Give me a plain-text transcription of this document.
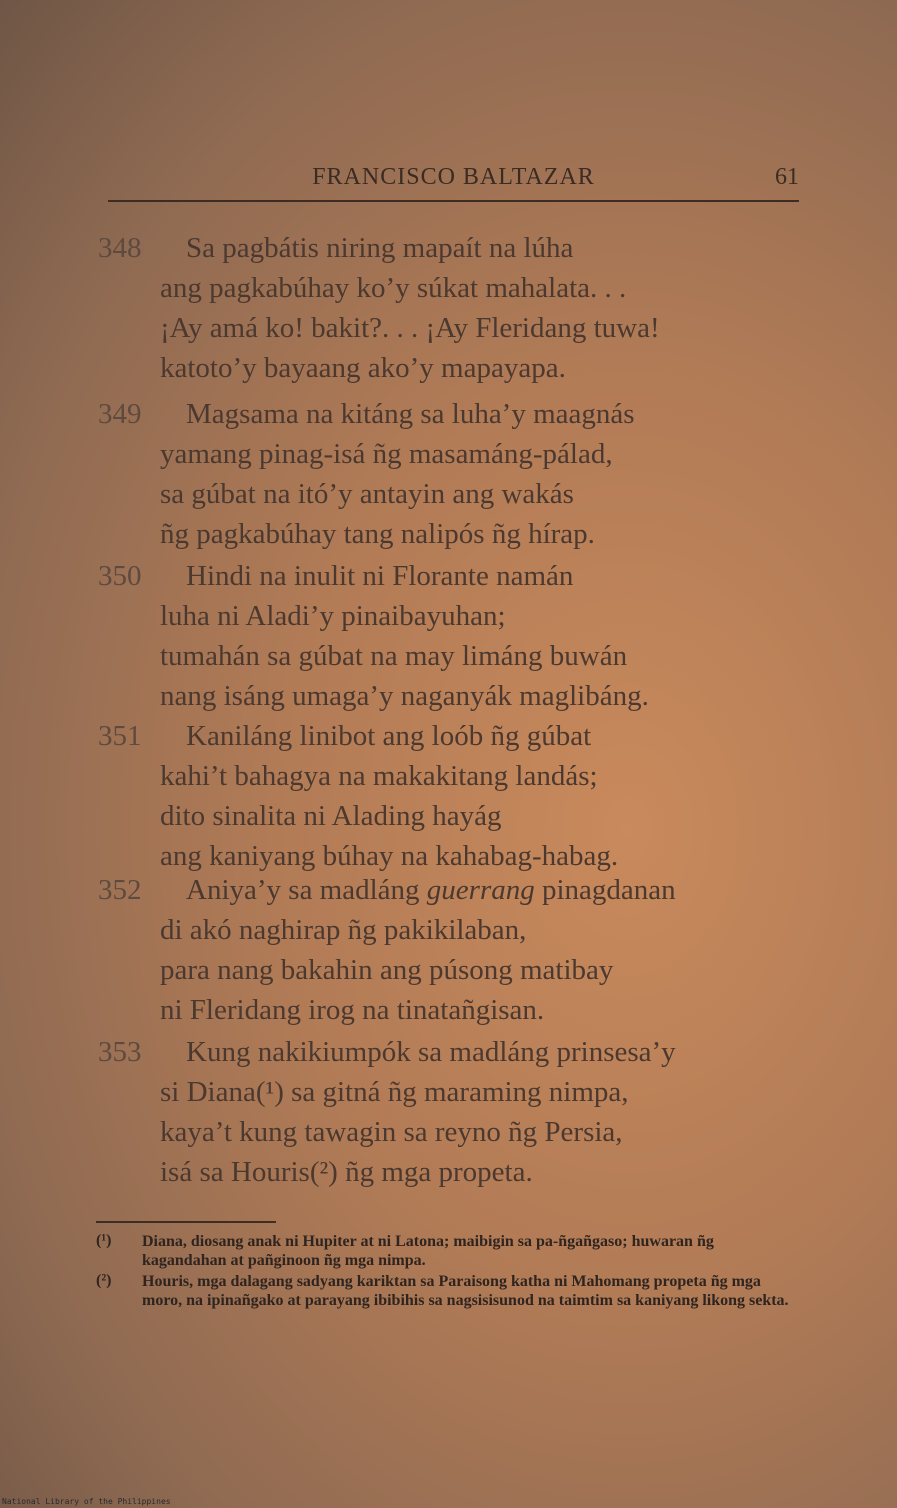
FRANCISCO BALTAZAR	61
348 Sa pagbátis niring mapaít na lúha
ang pagkabúhay ko’y súkat mahalata. . .
¡Ay amá ko! bakit?. . . ¡Ay Fleridang tuwa!
katoto’y bayaang ako’y mapayapa.
349 Magsama na kitáng sa luha’y maagnás
yamang pinag-isá ñg masamáng-pálad,
sa gúbat na itó’y antayin ang wakás
ñg pagkabúhay tang nalipós ñg hírap.
350 Hindi na inulit ni Florante namán
luha ni Aladi’y pinaibayuhan;
tumahán sa gúbat na may limáng buwán
nang isáng umaga’y naganyák maglibáng.
351 Kaniláng linibot ang loób ñg gúbat
kahi’t bahagya na makakitang landás;
dito sinalita ni Alading hayág
ang kaniyang búhay na kahabag-habag.
352 Aniya’y sa madláng guerrang pinagdanan
di akó naghirap ñg pakikilaban,
para nang bakahin ang púsong matibay
ni Fleridang irog na tinatañgisan.
353 Kung nakikiumpók sa madláng prinsesa’y
si Diana(¹) sa gitná ñg maraming nimpa,
kaya’t kung tawagin sa reyno ñg Persia,
isá sa Houris(²) ñg mga propeta.
(¹)	Diana, diosang anak ni Hupiter at ni Latona; maibigin sa pa-ñgañgaso; huwaran ñg kagandahan at pañginoon ñg mga nimpa.
(²)	Houris, mga dalagang sadyang kariktan sa Paraisong katha ni Mahomang propeta ñg mga moro, na ipinañgako at parayang ibibihis sa nagsisisunod na taimtim sa kaniyang likong sekta.
National Library of the Philippines
